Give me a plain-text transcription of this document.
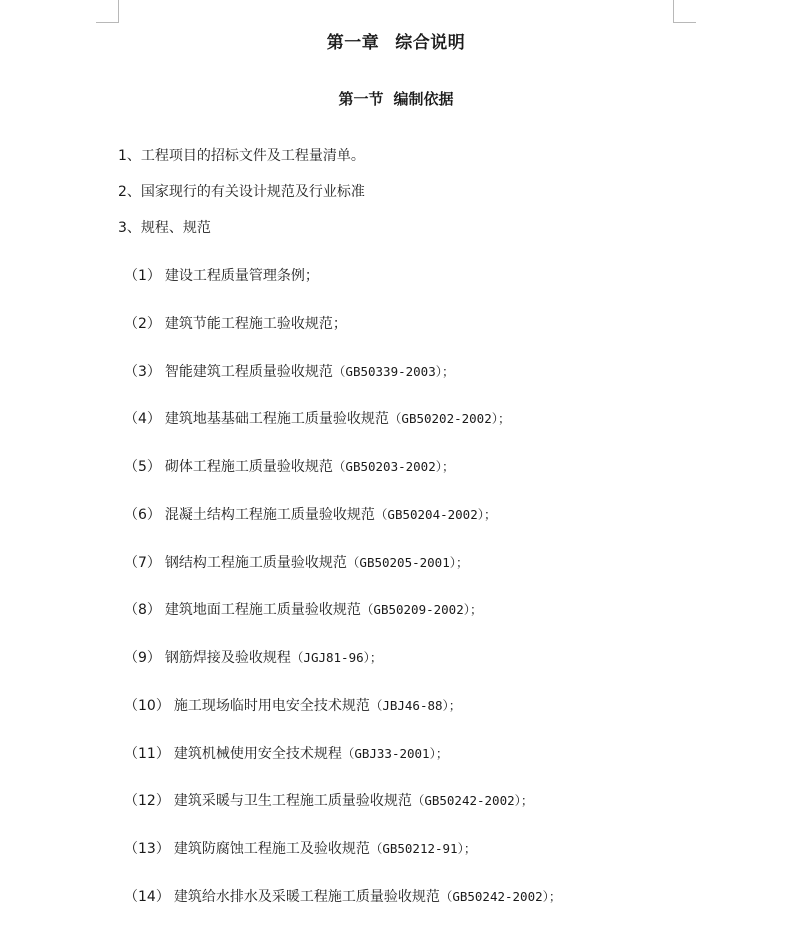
第一章 综合说明
第一节 编制依据
1、工程项目的招标文件及工程量清单。
2、国家现行的有关设计规范及行业标准
3、规程、规范
（1） 建设工程质量管理条例；
（2） 建筑节能工程施工验收规范；
（3） 智能建筑工程质量验收规范（GB50339-2003）；
（4） 建筑地基基础工程施工质量验收规范（GB50202-2002）；
（5） 砌体工程施工质量验收规范（GB50203-2002）；
（6） 混凝土结构工程施工质量验收规范（GB50204-2002）；
（7） 钢结构工程施工质量验收规范（GB50205-2001）；
（8） 建筑地面工程施工质量验收规范（GB50209-2002）；
（9） 钢筋焊接及验收规程（JGJ81-96）；
（10） 施工现场临时用电安全技术规范（JBJ46-88）；
（11） 建筑机械使用安全技术规程（GBJ33-2001）；
（12） 建筑采暖与卫生工程施工质量验收规范（GB50242-2002）；
（13） 建筑防腐蚀工程施工及验收规范（GB50212-91）；
（14） 建筑给水排水及采暖工程施工质量验收规范（GB50242-2002）；
